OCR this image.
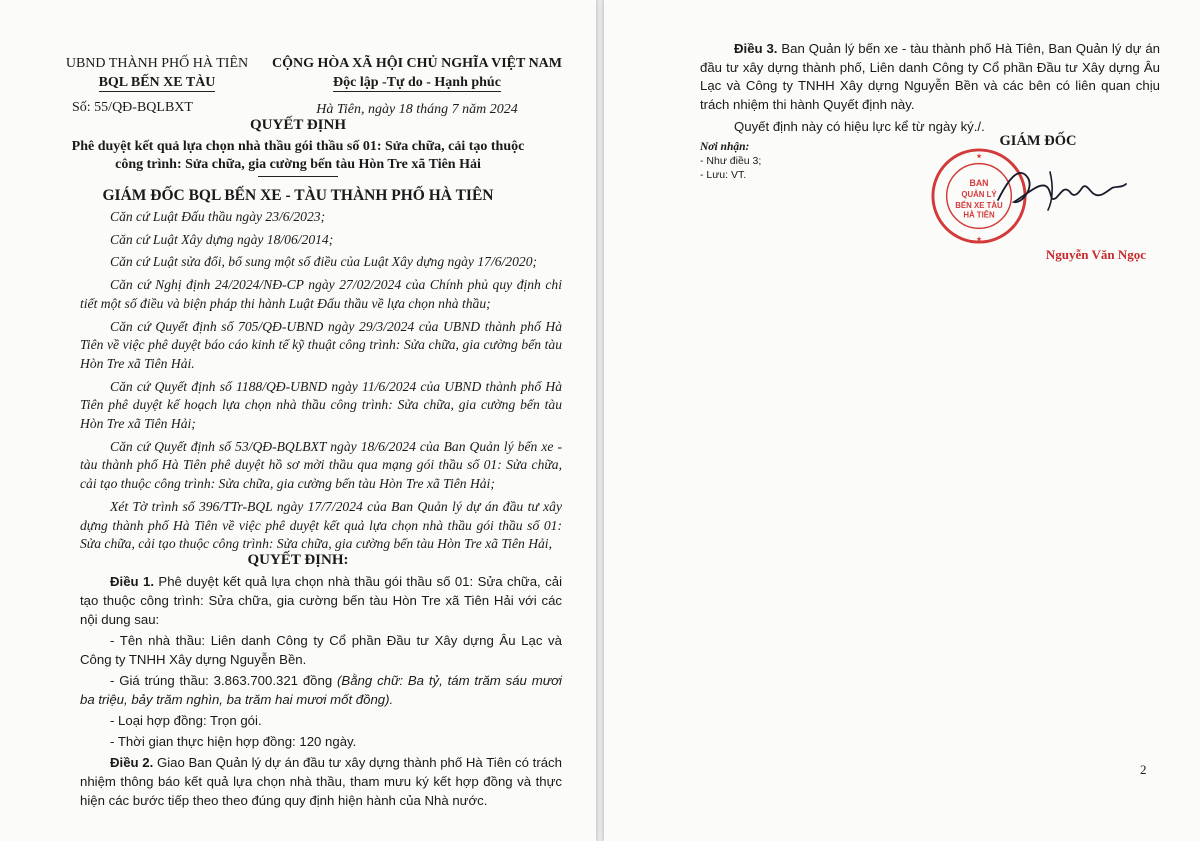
UBND THÀNH PHỐ HÀ TIÊN
BQL BẾN XE TÀU
Số: 55/QĐ-BQLBXT
CỘNG HÒA XÃ HỘI CHỦ NGHĨA VIỆT NAM
Độc lập -Tự do - Hạnh phúc
Hà Tiên, ngày 18 tháng 7 năm 2024
QUYẾT ĐỊNH
Phê duyệt kết quả lựa chọn nhà thầu gói thầu số 01: Sửa chữa, cải tạo thuộc
công trình: Sửa chữa, gia cường bến tàu Hòn Tre xã Tiên Hải
GIÁM ĐỐC BQL BẾN XE - TÀU THÀNH PHỐ HÀ TIÊN

Căn cứ Luật Đấu thầu ngày 23/6/2023;

Căn cứ Luật Xây dựng ngày 18/06/2014;

Căn cứ Luật sửa đổi, bổ sung một số điều của Luật Xây dựng ngày 17/6/2020;

Căn cứ Nghị định 24/2024/NĐ-CP ngày 27/02/2024 của Chính phủ quy định chi tiết một số điều và biện pháp thi hành Luật Đấu thầu về lựa chọn nhà thầu;

Căn cứ Quyết định số 705/QĐ-UBND ngày 29/3/2024 của UBND thành phố Hà Tiên về việc phê duyệt báo cáo kinh tế kỹ thuật công trình: Sửa chữa, gia cường bến tàu Hòn Tre xã Tiên Hải.

Căn cứ Quyết định số 1188/QĐ-UBND ngày 11/6/2024 của UBND thành phố Hà Tiên phê duyệt kế hoạch lựa chọn nhà thầu công trình: Sửa chữa, gia cường bến tàu Hòn Tre xã Tiên Hải;

Căn cứ Quyết định số 53/QĐ-BQLBXT ngày 18/6/2024 của Ban Quản lý bến xe - tàu thành phố Hà Tiên phê duyệt hồ sơ mời thầu qua mạng gói thầu số 01: Sửa chữa, cải tạo thuộc công trình: Sửa chữa, gia cường bến tàu Hòn Tre xã Tiên Hải;

Xét Tờ trình số 396/TTr-BQL ngày 17/7/2024 của Ban Quản lý dự án đầu tư xây dựng thành phố Hà Tiên về việc phê duyệt kết quả lựa chọn nhà thầu gói thầu số 01: Sửa chữa, cải tạo thuộc công trình: Sửa chữa, gia cường bến tàu Hòn Tre xã Tiên Hải,

QUYẾT ĐỊNH:

Điều 1. Phê duyệt kết quả lựa chọn nhà thầu gói thầu số 01: Sửa chữa, cải tạo thuộc công trình: Sửa chữa, gia cường bến tàu Hòn Tre xã Tiên Hải với các nội dung sau:

- Tên nhà thầu: Liên danh Công ty Cổ phần Đầu tư Xây dựng Âu Lạc và Công ty TNHH Xây dựng Nguyễn Bền.

- Giá trúng thầu: 3.863.700.321 đồng (Bằng chữ: Ba tỷ, tám trăm sáu mươi ba triệu, bảy trăm nghìn, ba trăm hai mươi mốt đồng).

- Loại hợp đồng: Trọn gói.

- Thời gian thực hiện hợp đồng: 120 ngày.

Điều 2. Giao Ban Quản lý dự án đầu tư xây dựng thành phố Hà Tiên có trách nhiệm thông báo kết quả lựa chọn nhà thầu, tham mưu ký kết hợp đồng và thực hiện các bước tiếp theo theo đúng quy định hiện hành của Nhà nước.

Điều 3. Ban Quản lý bến xe - tàu thành phố Hà Tiên, Ban Quản lý dự án đầu tư xây dựng thành phố, Liên danh Công ty Cổ phần Đầu tư Xây dựng Âu Lạc và Công ty TNHH Xây dựng Nguyễn Bền và các bên có liên quan chịu trách nhiệm thi hành Quyết định này.

Quyết định này có hiệu lực kể từ ngày ký./.

Nơi nhận:
- Như điều 3;
- Lưu: VT.
GIÁM ĐỐC
BAN
QUẢN LÝ
BẾN XE TÀU
HÀ TIÊN
★
★
Nguyễn Văn Ngọc
2
